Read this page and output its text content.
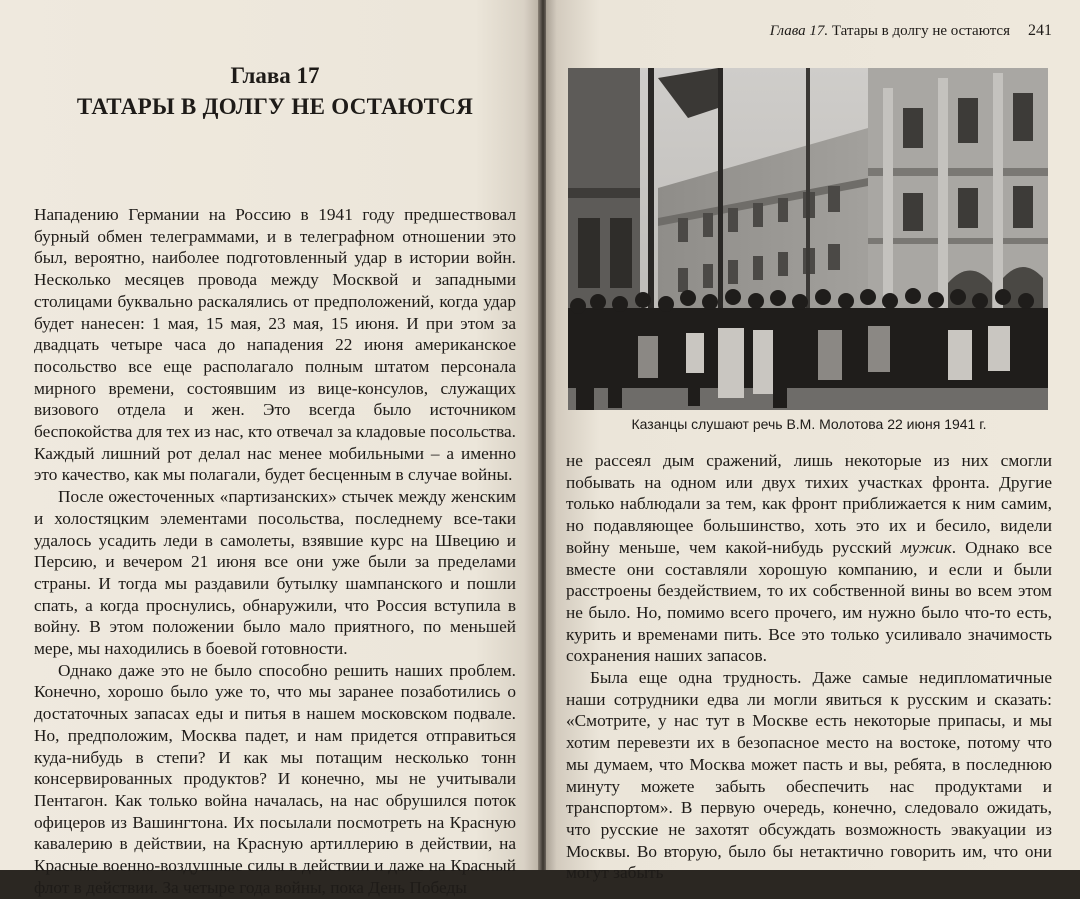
Глава 17
ТАТАРЫ В ДОЛГУ НЕ ОСТАЮТСЯ

Нападению Германии на Россию в 1941 году предшествовал бурный обмен телеграммами, и в телеграфном отношении это был, вероятно, наиболее подготовленный удар в истории войн. Несколько месяцев провода между Москвой и западными столицами буквально раскалялись от предположений, когда удар будет нанесен: 1 мая, 15 мая, 23 мая, 15 июня. И при этом за двадцать четыре часа до нападения 22 июня американское посольство все еще располагало полным штатом персонала мирного времени, состоявшим из вице-консулов, служащих визового отдела и жен. Это всегда было источником беспокойства для тех из нас, кто отвечал за кладовые посольства. Каждый лишний рот делал нас менее мобильными – а именно это качество, как мы полагали, будет бесценным в случае войны.

После ожесточенных «партизанских» стычек между женским и холостяцким элементами посольства, последнему все-таки удалось усадить леди в самолеты, взявшие курс на Швецию и Персию, и вечером 21 июня все они уже были за пределами страны. И тогда мы раздавили бутылку шампанского и пошли спать, а когда проснулись, обнаружили, что Россия вступила в войну. В этом положении было мало приятного, по меньшей мере, мы находились в боевой готовности.

Однако даже это не было способно решить наших проблем. Конечно, хорошо было уже то, что мы заранее позаботились о достаточных запасах еды и питья в нашем московском подвале. Но, предположим, Москва падет, и нам придется отправиться куда-нибудь в степи? И как мы потащим несколько тонн консервированных продуктов? И конечно, мы не учитывали Пентагон. Как только война началась, на нас обрушился поток офицеров из Вашингтона. Их посылали посмотреть на Красную кавалерию в действии, на Красную артиллерию в действии, на Красные военно-воздушные силы в действии и даже на Красный флот в действии. За четыре года войны, пока День Победы

Глава 17. Татары в долгу не остаются 241
Казанцы слушают речь В.М. Молотова 22 июня 1941 г.

не рассеял дым сражений, лишь некоторые из них смогли побывать на одном или двух тихих участках фронта. Другие только наблюдали за тем, как фронт приближается к ним самим, но подавляющее большинство, хоть это их и бесило, видели войну меньше, чем какой-нибудь русский мужик. Однако все вместе они составляли хорошую компанию, и если и были расстроены бездействием, то их собственной вины во всем этом не было. Но, помимо всего прочего, им нужно было что-то есть, курить и временами пить. Все это только усиливало значимость сохранения наших запасов.

Была еще одна трудность. Даже самые недипломатичные наши сотрудники едва ли могли явиться к русским и сказать: «Смотрите, у нас тут в Москве есть некоторые припасы, и мы хотим перевезти их в безопасное место на востоке, потому что мы думаем, что Москва может пасть и вы, ребята, в последнюю минуту можете забыть обеспечить нас продуктами и транспортом». В первую очередь, конечно, следовало ожидать, что русские не захотят обсуждать возможность эвакуации из Москвы. Во вторую, было бы нетактично говорить им, что они могут забыть
